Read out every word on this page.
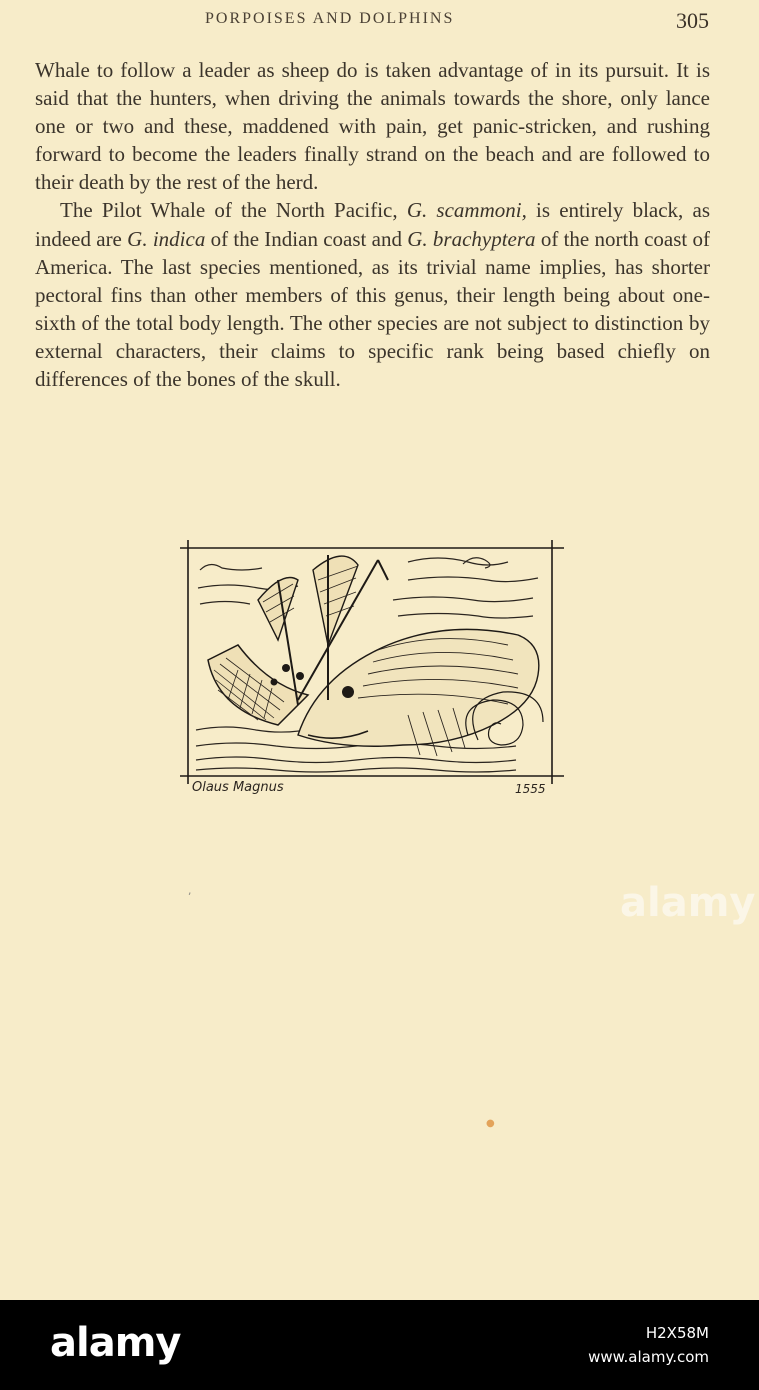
PORPOISES AND DOLPHINS	305

Whale to follow a leader as sheep do is taken advantage of in its pursuit. It is said that the hunters, when driving the animals towards the shore, only lance one or two and these, maddened with pain, get panic-stricken, and rushing forward to become the leaders finally strand on the beach and are followed to their death by the rest of the herd.

The Pilot Whale of the North Pacific, G. scammoni, is entirely black, as indeed are G. indica of the Indian coast and G. brachyptera of the north coast of America. The last species mentioned, as its trivial name implies, has shorter pectoral fins than other members of this genus, their length being about one-sixth of the total body length. The other species are not subject to distinction by external characters, their claims to specific rank being based chiefly on differences of the bones of the skull.

Olaus Magnus	1555
’
●
alamy
alamy	H2X58M
www.alamy.com
